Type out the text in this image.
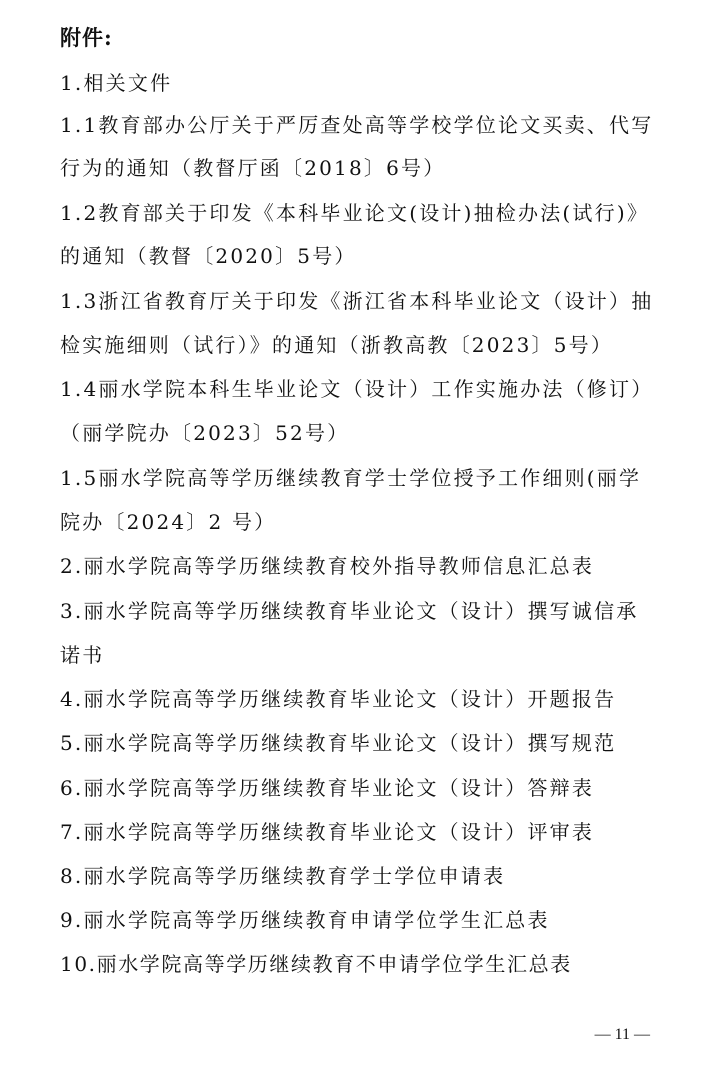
附件:
1.相关文件
1.1教育部办公厅关于严厉查处高等学校学位论文买卖、代写
行为的通知（教督厅函〔2018〕6号）
1.2教育部关于印发《本科毕业论文(设计)抽检办法(试行)》
的通知（教督〔2020〕5号）
1.3浙江省教育厅关于印发《浙江省本科毕业论文（设计）抽
检实施细则（试行）》的通知（浙教高教〔2023〕5号）
1.4丽水学院本科生毕业论文（设计）工作实施办法（修订）
（丽学院办〔2023〕52号）
1.5丽水学院高等学历继续教育学士学位授予工作细则(丽学
院办〔2024〕2 号）
2.丽水学院高等学历继续教育校外指导教师信息汇总表
3.丽水学院高等学历继续教育毕业论文（设计）撰写诚信承
诺书
4.丽水学院高等学历继续教育毕业论文（设计）开题报告
5.丽水学院高等学历继续教育毕业论文（设计）撰写规范
6.丽水学院高等学历继续教育毕业论文（设计）答辩表
7.丽水学院高等学历继续教育毕业论文（设计）评审表
8.丽水学院高等学历继续教育学士学位申请表
9.丽水学院高等学历继续教育申请学位学生汇总表
10.丽水学院高等学历继续教育不申请学位学生汇总表
— 11 —
